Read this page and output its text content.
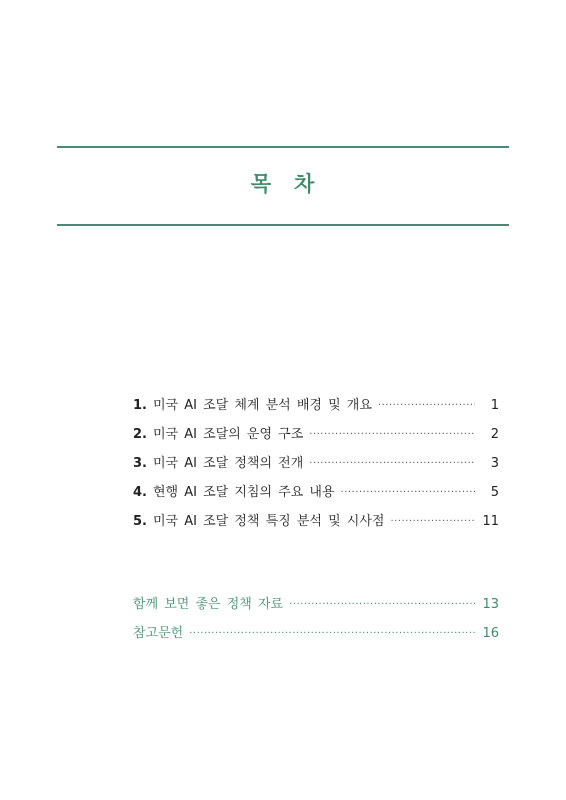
목 차
1. 미국 AI 조달 체계 분석 배경 및 개요 ·····	1
2. 미국 AI 조달의 운영 구조 ·····	2
3. 미국 AI 조달 정책의 전개 ·····	3
4. 현행 AI 조달 지침의 주요 내용 ·····	5
5. 미국 AI 조달 정책 특징 분석 및 시사점 ·····	11
함께 보면 좋은 정책 자료 ·····	13
참고문헌 ·····	16
